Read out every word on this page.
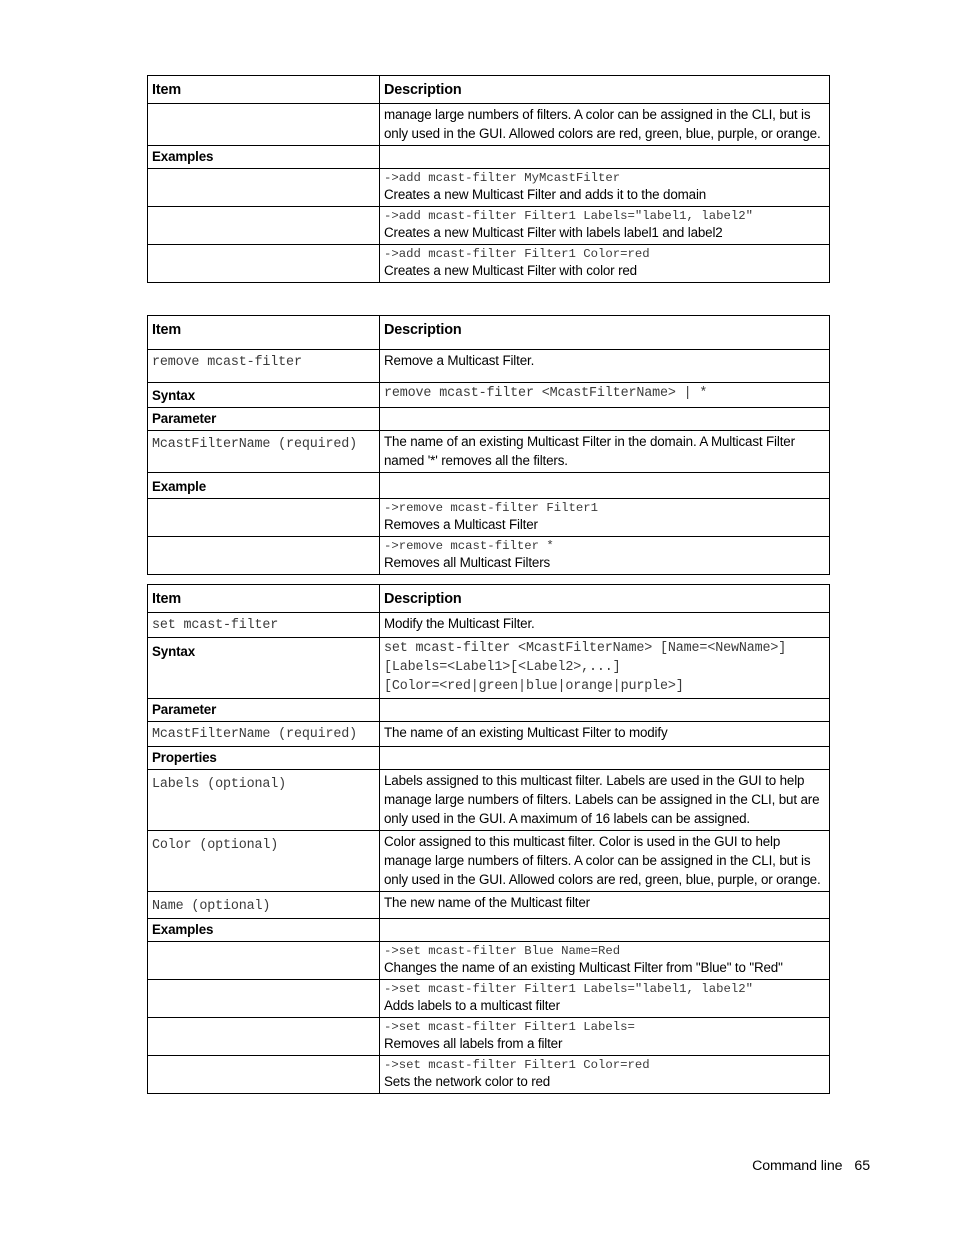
Item	Description
	manage large numbers of filters. A color can be assigned in the CLI, but is only used in the GUI. Allowed colors are red, green, blue, purple, or orange.
Examples	

	->add mcast-filter MyMcastFilter
Creates a new Multicast Filter and adds it to the domain

	->add mcast-filter Filter1 Labels="label1, label2"
Creates a new Multicast Filter with labels label1 and label2

	->add mcast-filter Filter1 Color=red
Creates a new Multicast Filter with color red
Item	Description
remove mcast-filter	Remove a Multicast Filter.
Syntax	remove mcast-filter <McastFilterName> | *
Parameter	
McastFilterName (required)	The name of an existing Multicast Filter in the domain. A Multicast Filter named '*' removes all the filters.
Example	

	->remove mcast-filter Filter1
Removes a Multicast Filter

	->remove mcast-filter *
Removes all Multicast Filters
Item	Description
set mcast-filter	Modify the Multicast Filter.
Syntax	set mcast-filter <McastFilterName> [Name=<NewName>]
[Labels=<Label1>[<Label2>,...]
[Color=<red|green|blue|orange|purple>]

Parameter	
McastFilterName (required)	The name of an existing Multicast Filter to modify
Properties	
Labels (optional)	Labels assigned to this multicast filter. Labels are used in the GUI to help manage large numbers of filters. Labels can be assigned in the CLI, but are only used in the GUI. A maximum of 16 labels can be assigned.
Color (optional)	Color assigned to this multicast filter. Color is used in the GUI to help manage large numbers of filters. A color can be assigned in the CLI, but is only used in the GUI. Allowed colors are red, green, blue, purple, or orange.
Name (optional)	The new name of the Multicast filter
Examples	

	->set mcast-filter Blue Name=Red
Changes the name of an existing Multicast Filter from "Blue" to "Red"

	->set mcast-filter Filter1 Labels="label1, label2"
Adds labels to a multicast filter

	->set mcast-filter Filter1 Labels=
Removes all labels from a filter

	->set mcast-filter Filter1 Color=red
Sets the network color to red
Command line 65
